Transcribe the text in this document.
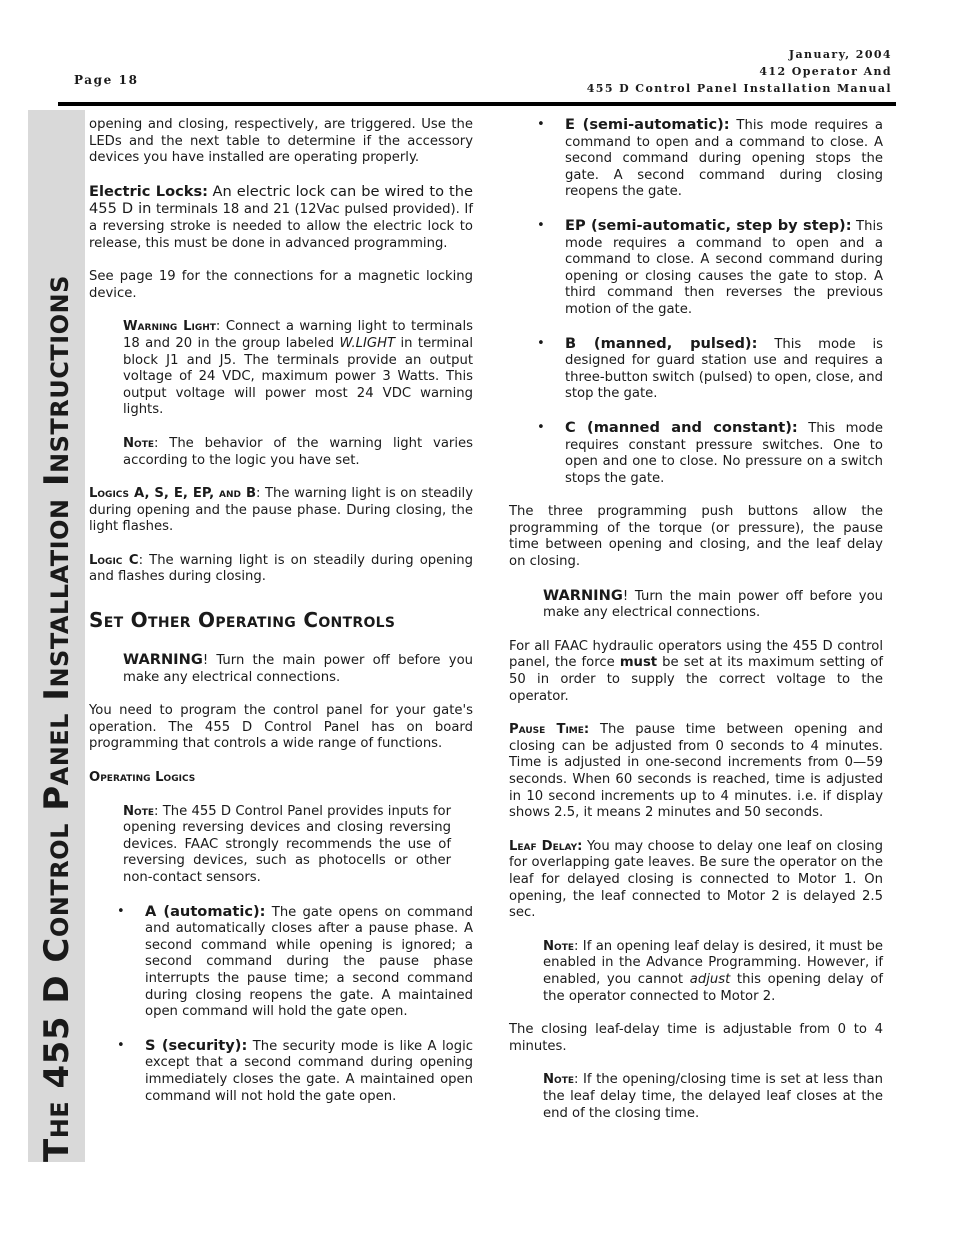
Page 18
January, 2004
412 Operator And
455 D Control Panel Installation Manual
The 455 D Control Panel Installation Instructions

opening and closing, respectively, are triggered. Use the LEDs and the next table to determine if the accessory devices you have installed are operating properly.

Electric Locks: An electric lock can be wired to the 455 D in terminals 18 and 21 (12Vac pulsed provided). If a reversing stroke is needed to allow the electric lock to release, this must be done in advanced programming.

See page 19 for the connections for a magnetic locking device.

Warning Light: Connect a warning light to terminals 18 and 20 in the group labeled W.LIGHT in terminal block J1 and J5. The terminals provide an output voltage of 24 VDC, maximum power 3 Watts. This output voltage will power most 24 VDC warning lights.

Note: The behavior of the warning light varies according to the logic you have set.

Logics A, S, E, EP, and B: The warning light is on steadily during opening and the pause phase. During closing, the light flashes.

Logic C: The warning light is on steadily during opening and flashes during closing.

Set Other Operating Controls

WARNING! Turn the main power off before you make any electrical connections.

You need to program the control panel for your gate's operation. The 455 D Control Panel has on board programming that controls a wide range of functions.

Operating Logics

Note: The 455 D Control Panel provides inputs for opening reversing devices and closing reversing devices. FAAC strongly recommends the use of reversing devices, such as photocells or other non-contact sensors.

• A (automatic): The gate opens on command and automatically closes after a pause phase. A second command while opening is ignored; a second command during the pause phase interrupts the pause time; a second command during closing reopens the gate. A maintained open command will hold the gate open.

• S (security): The security mode is like A logic except that a second command during opening immediately closes the gate. A maintained open command will not hold the gate open.

• E (semi-automatic): This mode requires a command to open and a command to close. A second command during opening stops the gate. A second command during closing reopens the gate.

• EP (semi-automatic, step by step): This mode requires a command to open and a command to close. A second command during opening or closing causes the gate to stop. A third command then reverses the previous motion of the gate.

• B (manned, pulsed): This mode is designed for guard station use and requires a three-button switch (pulsed) to open, close, and stop the gate.

• C (manned and constant): This mode requires constant pressure switches. One to open and one to close. No pressure on a switch stops the gate.

The three programming push buttons allow the programming of the torque (or pressure), the pause time between opening and closing, and the leaf delay on closing.

WARNING! Turn the main power off before you make any electrical connections.

For all FAAC hydraulic operators using the 455 D control panel, the force must be set at its maximum setting of 50 in order to supply the correct voltage to the operator.

Pause Time: The pause time between opening and closing can be adjusted from 0 seconds to 4 minutes. Time is adjusted in one-second increments from 0—59 seconds. When 60 seconds is reached, time is adjusted in 10 second increments up to 4 minutes. i.e. if display shows 2.5, it means 2 minutes and 50 seconds.

Leaf Delay: You may choose to delay one leaf on closing for overlapping gate leaves. Be sure the operator on the leaf for delayed closing is connected to Motor 1. On opening, the leaf connected to Motor 2 is delayed 2.5 sec.

Note: If an opening leaf delay is desired, it must be enabled in the Advance Programming. However, if enabled, you cannot adjust this opening delay of the operator connected to Motor 2.

The closing leaf-delay time is adjustable from 0 to 4 minutes.

Note: If the opening/closing time is set at less than the leaf delay time, the delayed leaf closes at the end of the closing time.
